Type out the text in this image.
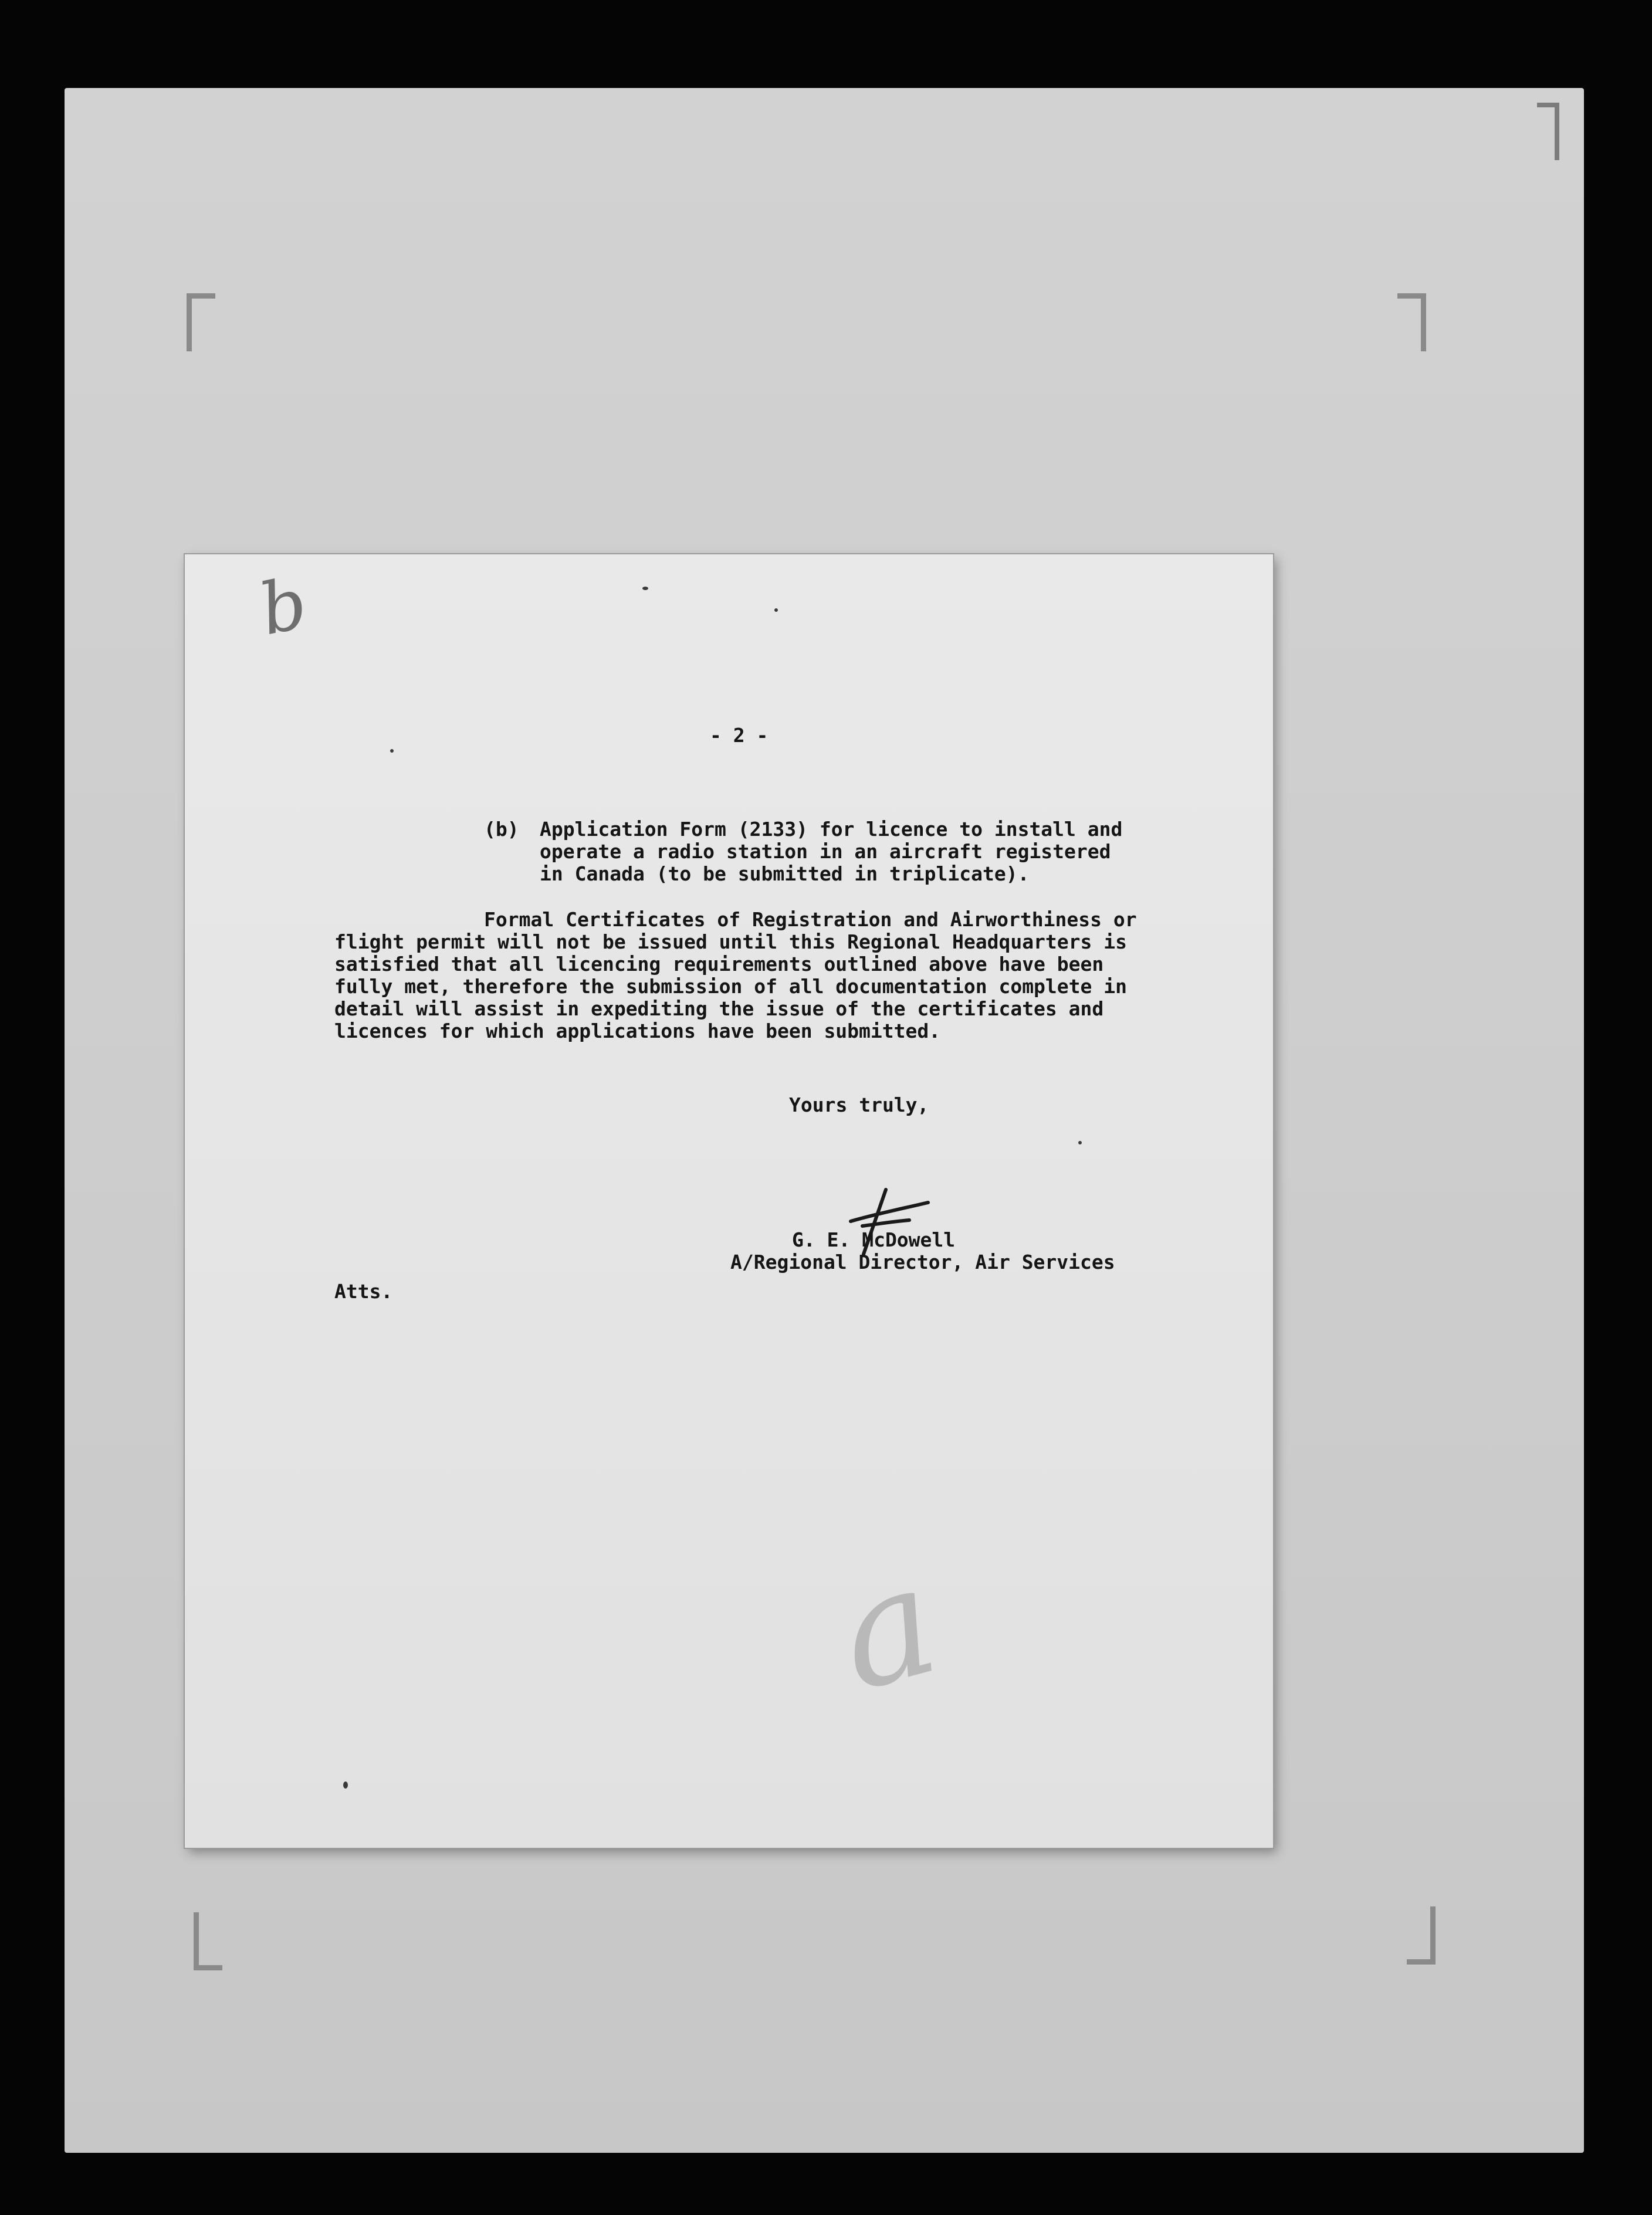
b
a

- 2 -

(b) Application Form (2133) for licence to install and

operate a radio station in an aircraft registered

in Canada (to be submitted in triplicate).

Formal Certificates of Registration and Airworthiness or

flight permit will not be issued until this Regional Headquarters is

satisfied that all licencing requirements outlined above have been

fully met, therefore the submission of all documentation complete in

detail will assist in expediting the issue of the certificates and

licences for which applications have been submitted.

Yours truly,

G. E. McDowell

A/Regional Director, Air Services

Atts.
